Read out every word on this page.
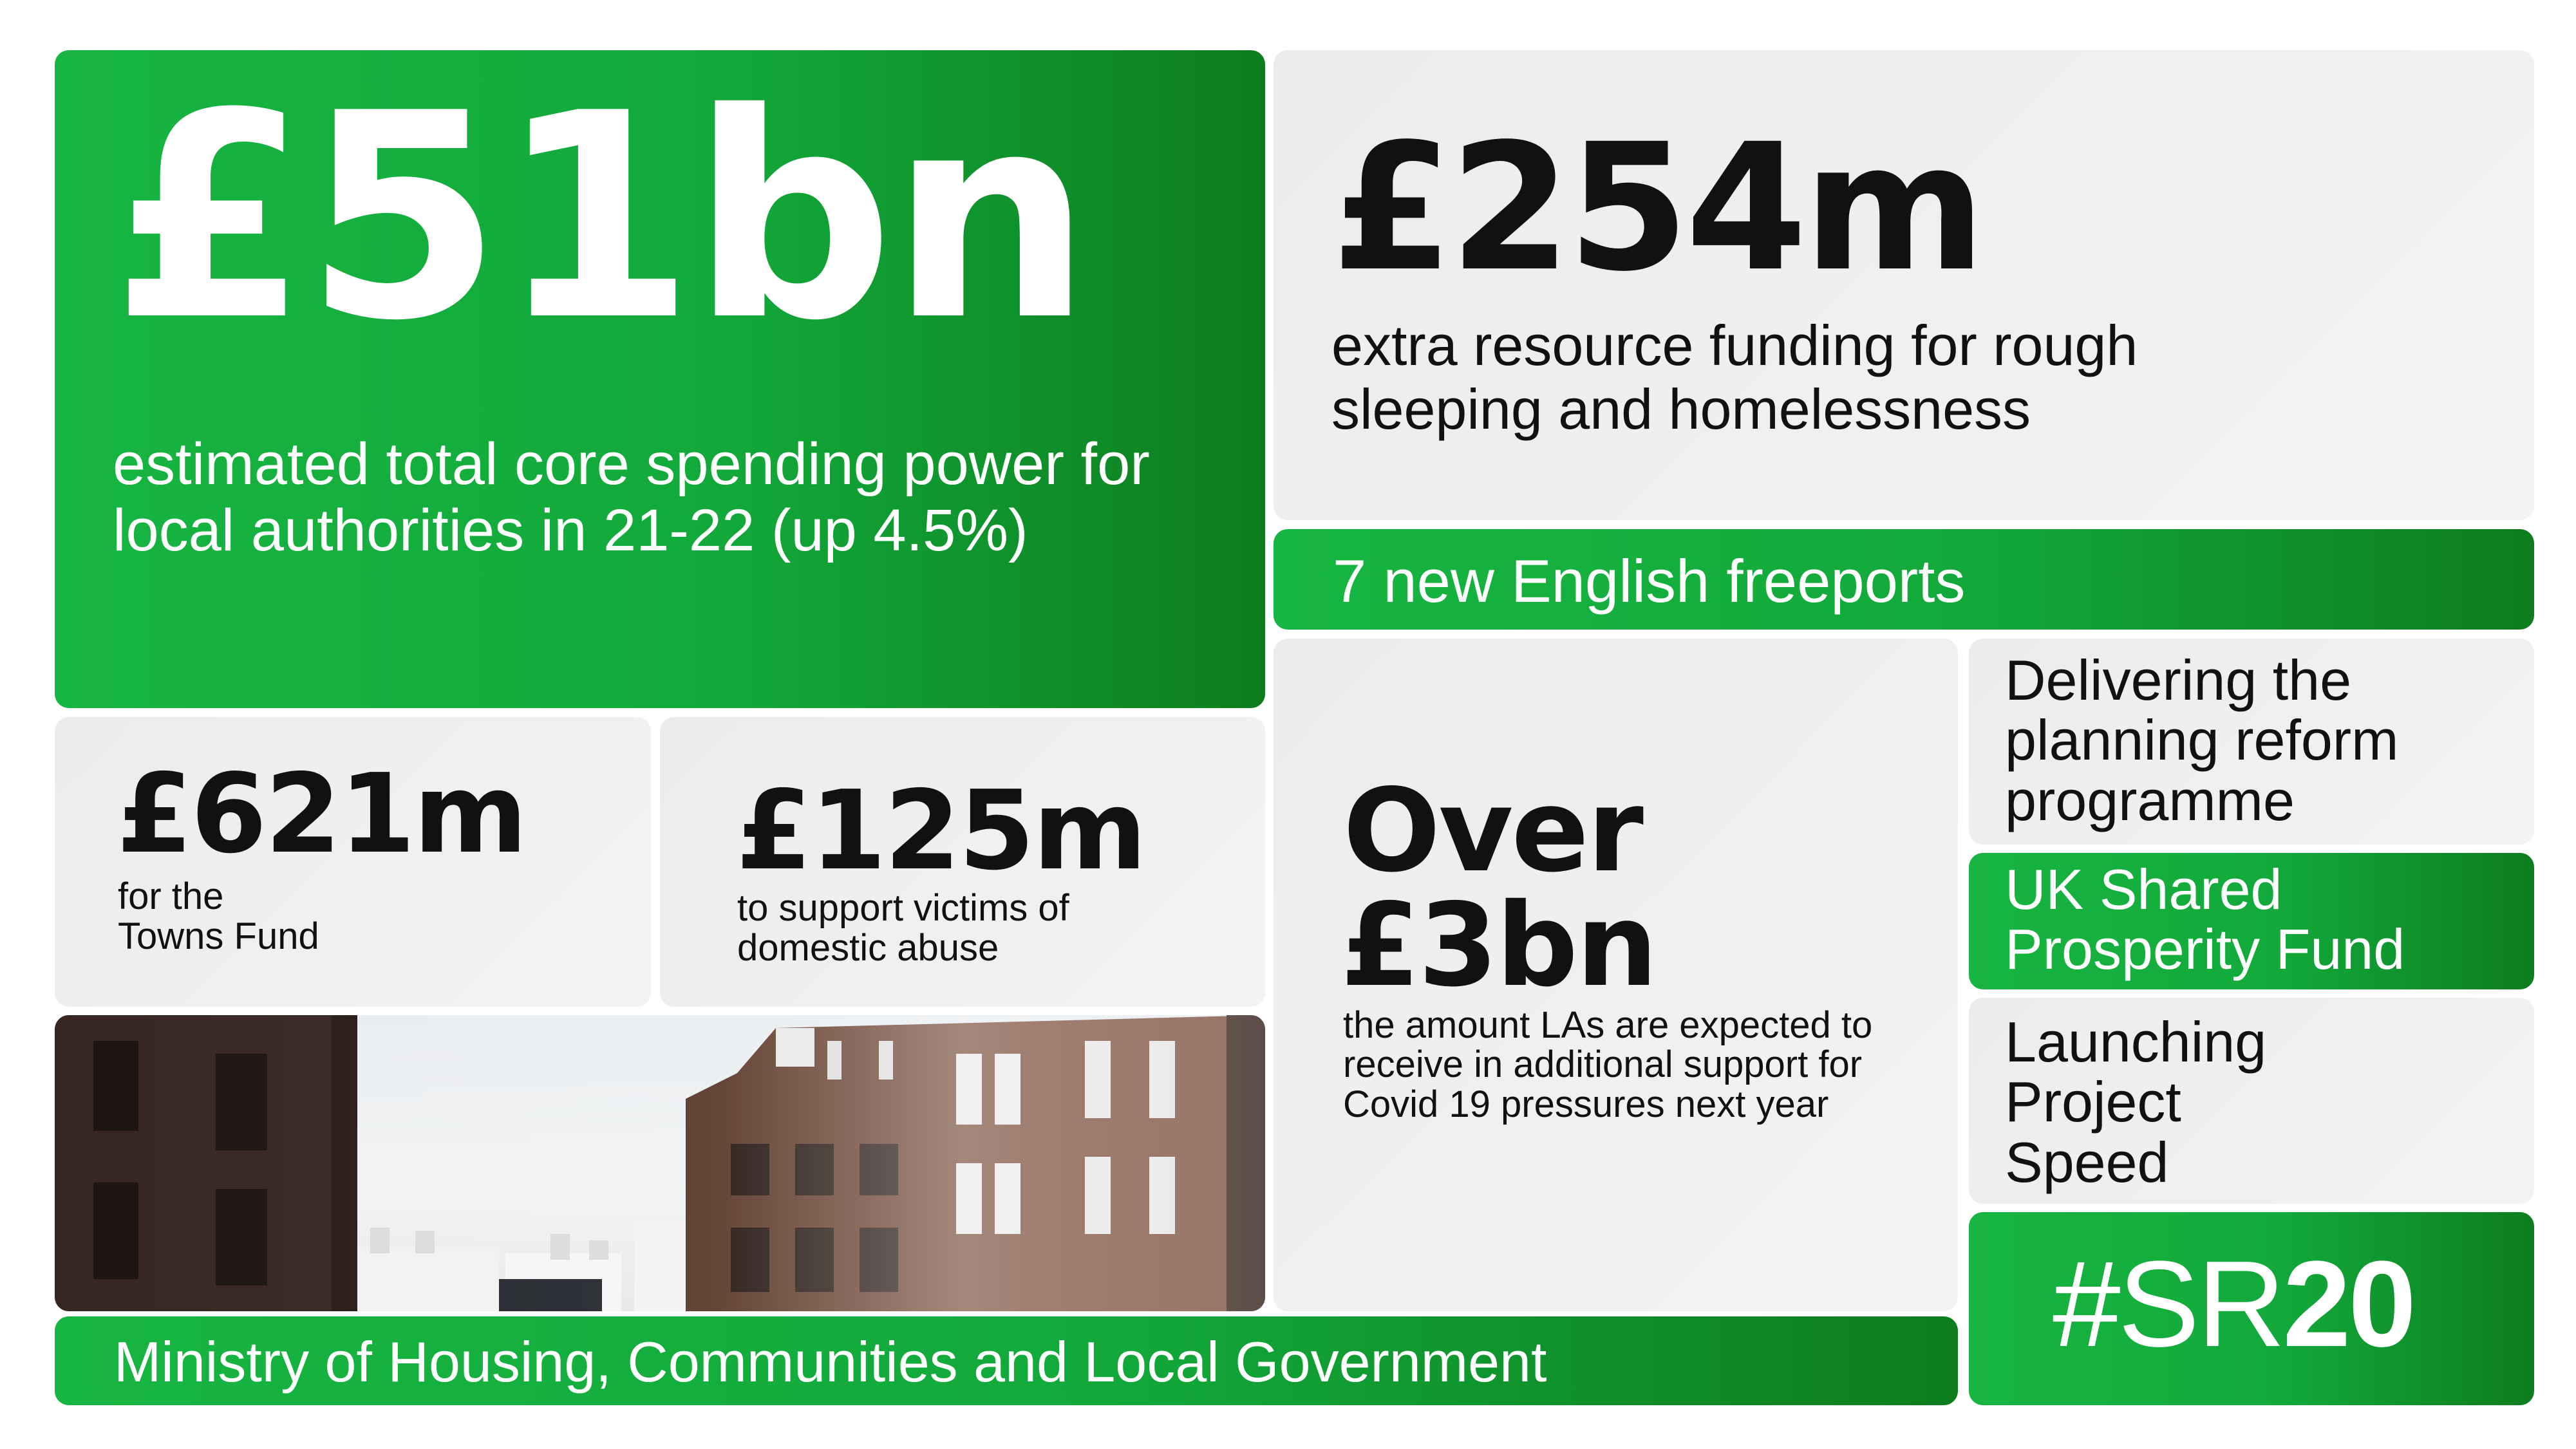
£51bn
estimated total core spending power for local authorities in 21-22 (up 4.5%)
£254m
extra resource funding for rough sleeping and homelessness
7 new English freeports
£621m
for the
Towns Fund
£125m
to support victims of
domestic abuse
Over
£3bn
the amount LAs are expected to receive in additional support for Covid 19 pressures next year
Delivering the planning reform programme
UK Shared Prosperity Fund
Launching Project Speed
#SR20
Ministry of Housing, Communities and Local Government
